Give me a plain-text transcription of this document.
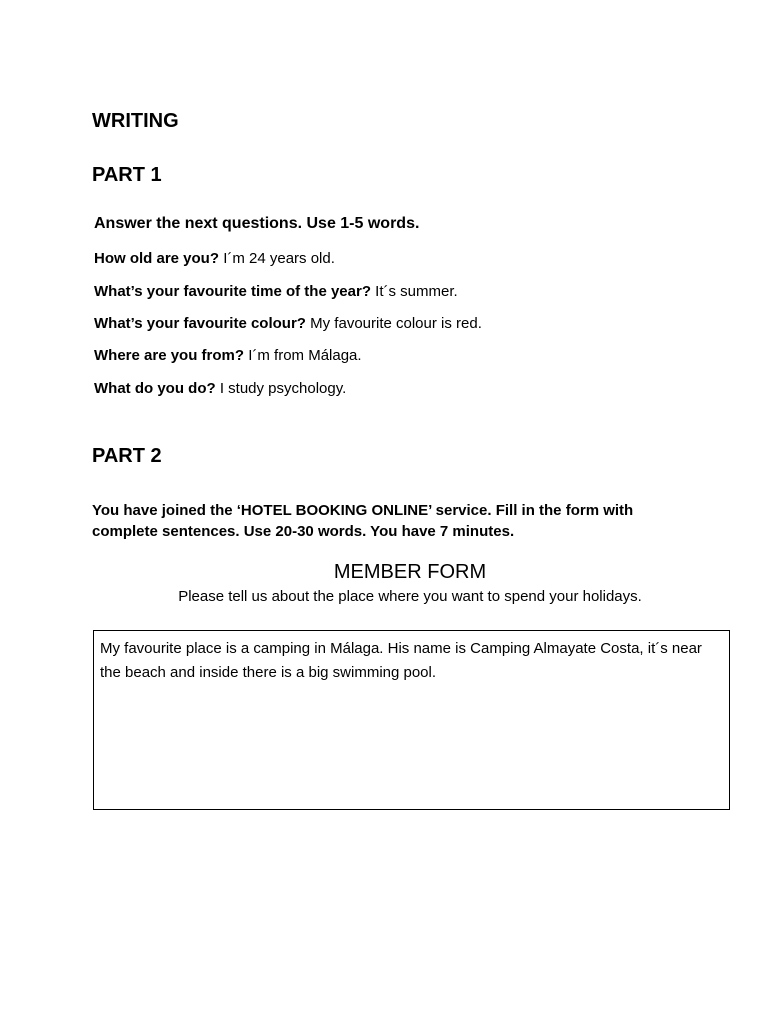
WRITING
PART 1

Answer the next questions. Use 1-5 words.

How old are you? I´m 24 years old.

What’s your favourite time of the year? It´s summer.

What’s your favourite colour? My favourite colour is red.

Where are you from? I´m from Málaga.

What do you do? I study psychology.

PART 2

You have joined the ‘HOTEL BOOKING ONLINE’ service. Fill in the form with complete sentences. Use 20-30 words. You have 7 minutes.

MEMBER FORM

Please tell us about the place where you want to spend your holidays.

My favourite place is a camping in Málaga. His name is Camping Almayate Costa, it´s near the beach and inside there is a big swimming pool.
